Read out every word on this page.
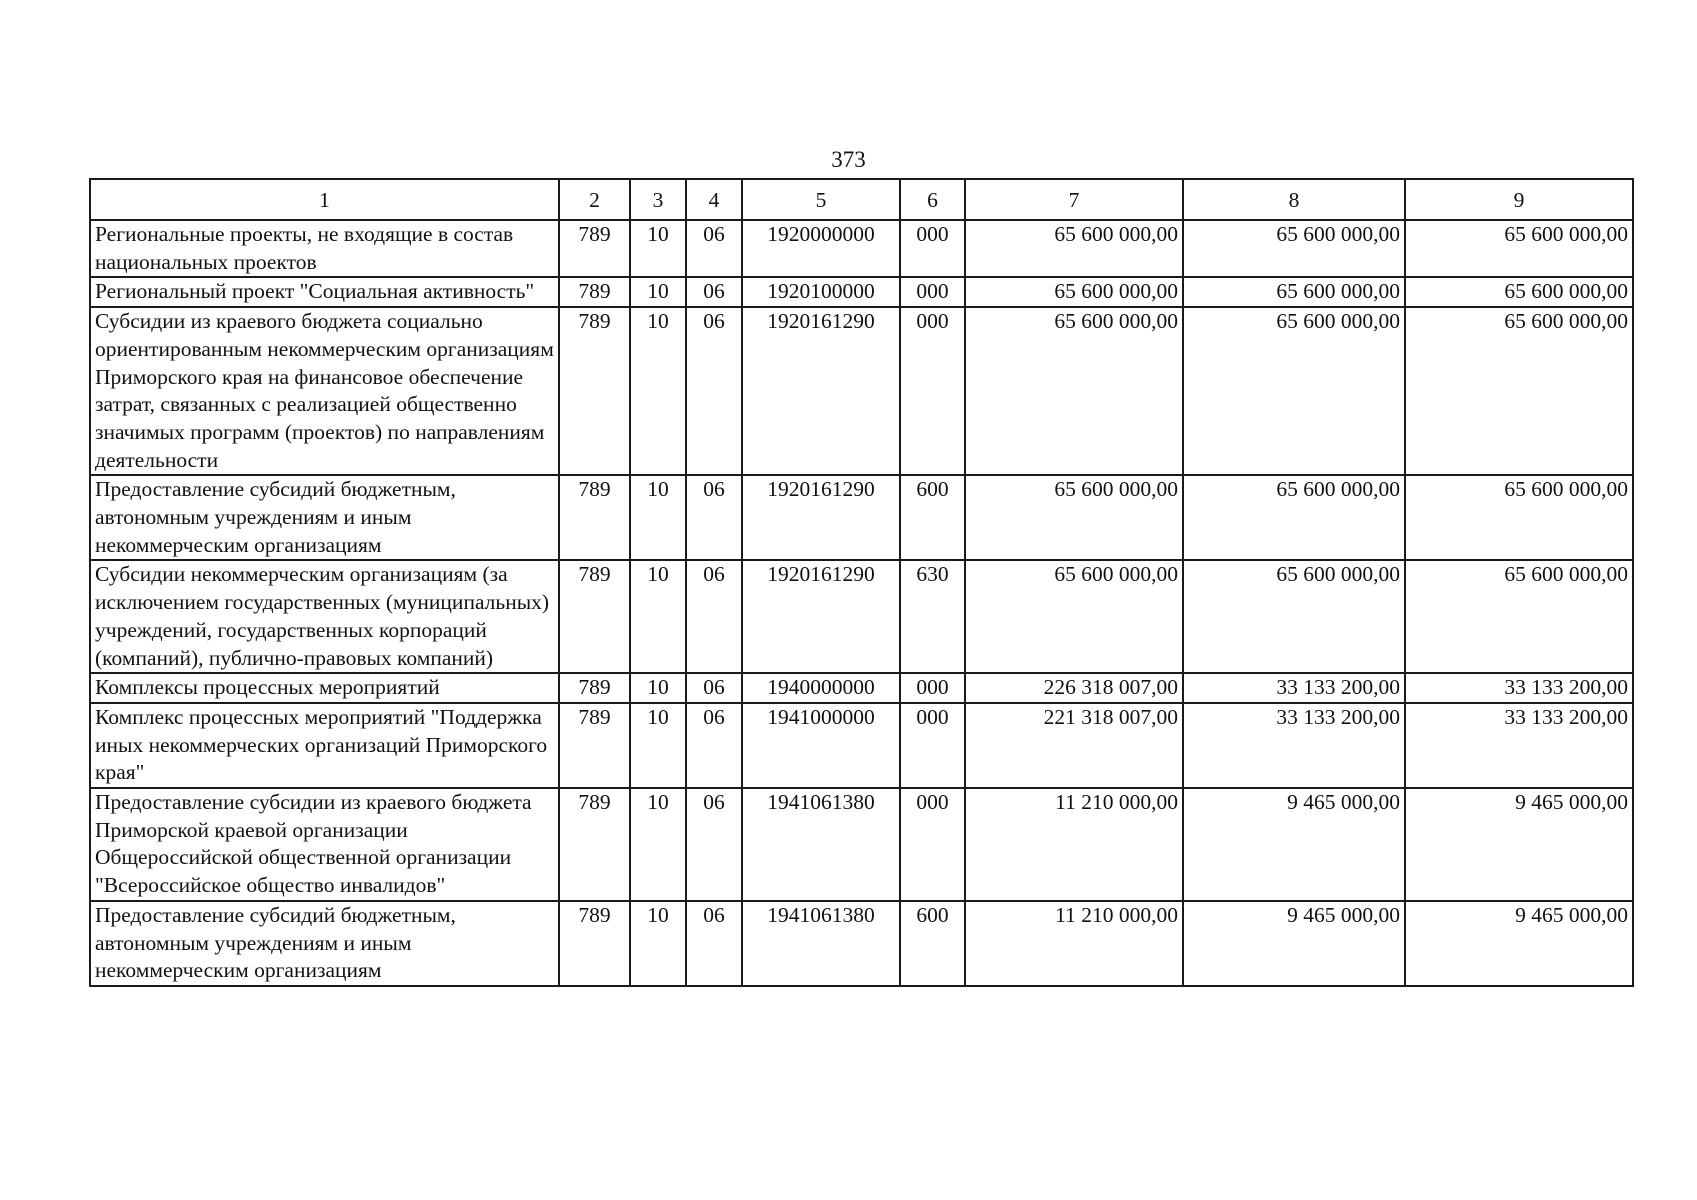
373
1	2	3	4	5	6	7	8	9
Региональные проекты, не входящие в состав национальных проектов	789	10	06	1920000000	000	65 600 000,00	65 600 000,00	65 600 000,00
Региональный проект "Социальная активность"	789	10	06	1920100000	000	65 600 000,00	65 600 000,00	65 600 000,00
Субсидии из краевого бюджета социально ориентированным некоммерческим организациям Приморского края на финансовое обеспечение затрат, связанных с реализацией общественно значимых программ (проектов) по направлениям деятельности	789	10	06	1920161290	000	65 600 000,00	65 600 000,00	65 600 000,00
Предоставление субсидий бюджетным, автономным учреждениям и иным некоммерческим организациям	789	10	06	1920161290	600	65 600 000,00	65 600 000,00	65 600 000,00
Субсидии некоммерческим организациям (за исключением государственных (муниципальных) учреждений, государственных корпораций (компаний), публично-правовых компаний)	789	10	06	1920161290	630	65 600 000,00	65 600 000,00	65 600 000,00
Комплексы процессных мероприятий	789	10	06	1940000000	000	226 318 007,00	33 133 200,00	33 133 200,00
Комплекс процессных мероприятий "Поддержка иных некоммерческих организаций Приморского края"	789	10	06	1941000000	000	221 318 007,00	33 133 200,00	33 133 200,00
Предоставление субсидии из краевого бюджета Приморской краевой организации Общероссийской общественной организации "Всероссийское общество инвалидов"	789	10	06	1941061380	000	11 210 000,00	9 465 000,00	9 465 000,00
Предоставление субсидий бюджетным, автономным учреждениям и иным некоммерческим организациям	789	10	06	1941061380	600	11 210 000,00	9 465 000,00	9 465 000,00
